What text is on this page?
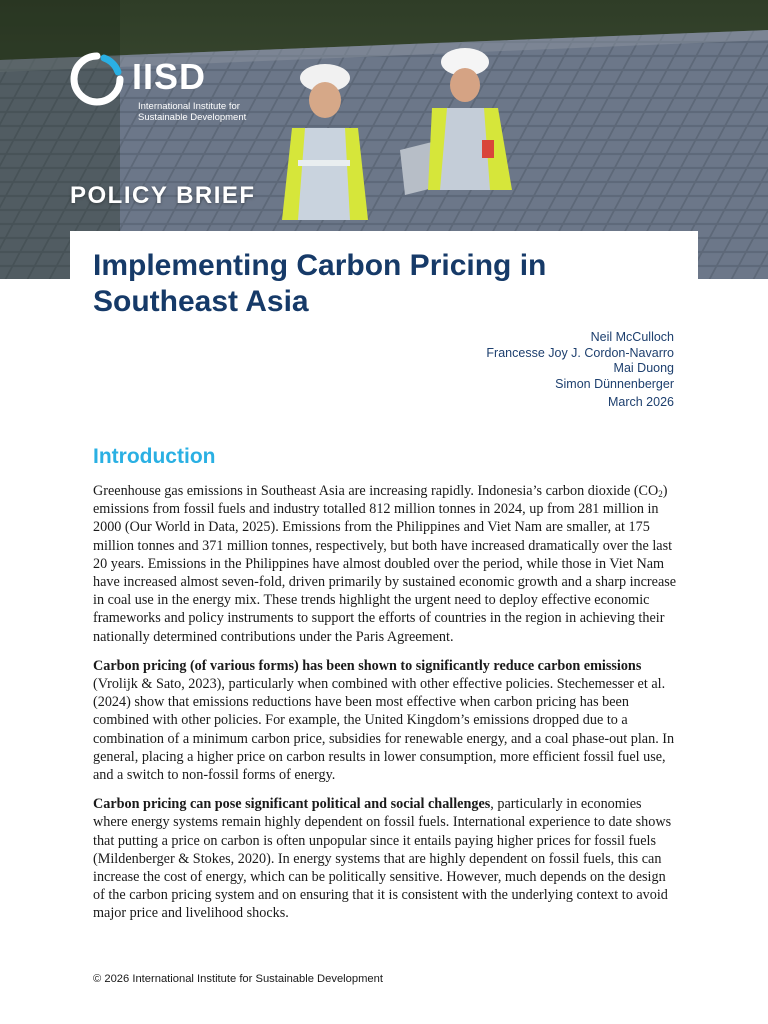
IISD
International Institute for
Sustainable Development
POLICY BRIEF
Implementing Carbon Pricing in Southeast Asia
Neil McCulloch
Francesse Joy J. Cordon-Navarro
Mai Duong
Simon Dünnenberger
March 2026
Introduction

Greenhouse gas emissions in Southeast Asia are increasing rapidly. Indonesia’s carbon dioxide $(CO_2)$ emissions from fossil fuels and industry totalled 812 million tonnes in 2024, up from 281 million in 2000 (Our World in Data, 2025). Emissions from the Philippines and Viet Nam are smaller, at 175 million tonnes and 371 million tonnes, respectively, but both have increased dramatically over the last 20 years. Emissions in the Philippines have almost doubled over the period, while those in Viet Nam have increased almost seven-fold, driven primarily by sustained economic growth and a sharp increase in coal use in the energy mix. These trends highlight the urgent need to deploy effective economic frameworks and policy instruments to support the efforts of countries in the region in achieving their nationally determined contributions under the Paris Agreement.

Carbon pricing (of various forms) has been shown to significantly reduce carbon emissions (Vrolijk & Sato, 2023), particularly when combined with other effective policies. Stechemesser et al. (2024) show that emissions reductions have been most effective when carbon pricing has been combined with other policies. For example, the United Kingdom’s emissions dropped due to a combination of a minimum carbon price, subsidies for renewable energy, and a coal phase-out plan. In general, placing a higher price on carbon results in lower consumption, more efficient fossil fuel use, and a switch to non-fossil forms of energy.

Carbon pricing can pose significant political and social challenges, particularly in economies where energy systems remain highly dependent on fossil fuels. International experience to date shows that putting a price on carbon is often unpopular since it entails paying higher prices for fossil fuels (Mildenberger & Stokes, 2020). In energy systems that are highly dependent on fossil fuels, this can increase the cost of energy, which can be politically sensitive. However, much depends on the design of the carbon pricing system and on ensuring that it is consistent with the underlying context to avoid major price and livelihood shocks.

© 2026 International Institute for Sustainable Development
